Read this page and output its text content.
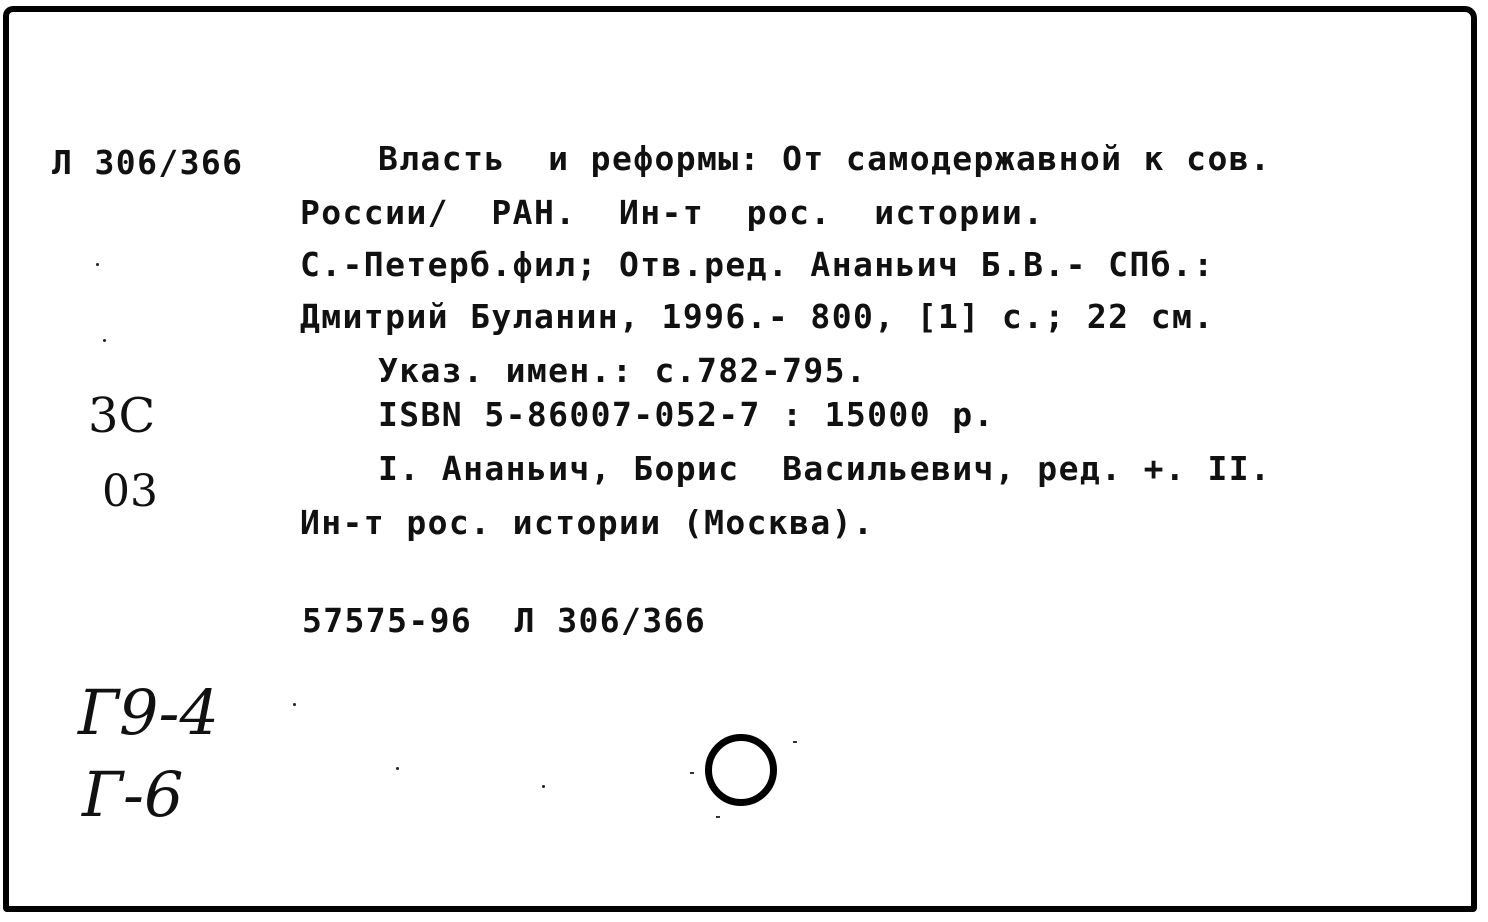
Л 306/366	Власть  и реформы: От самодержавной к сов.
России/  РАН.  Ин-т  рос.  истории.
С.-Петерб.фил; Отв.ред. Ананьич Б.В.- СПб.:
Дмитрий Буланин, 1996.- 800, [1] с.; 22 см.
Указ. имен.: с.782-795.
ISBN 5-86007-052-7 : 15000 р.
I. Ананьич, Борис  Васильевич, ред. +. II.
Ин-т рос. истории (Москва).
57575-96  Л 306/366
3С
03
Г9-4
Г-6
